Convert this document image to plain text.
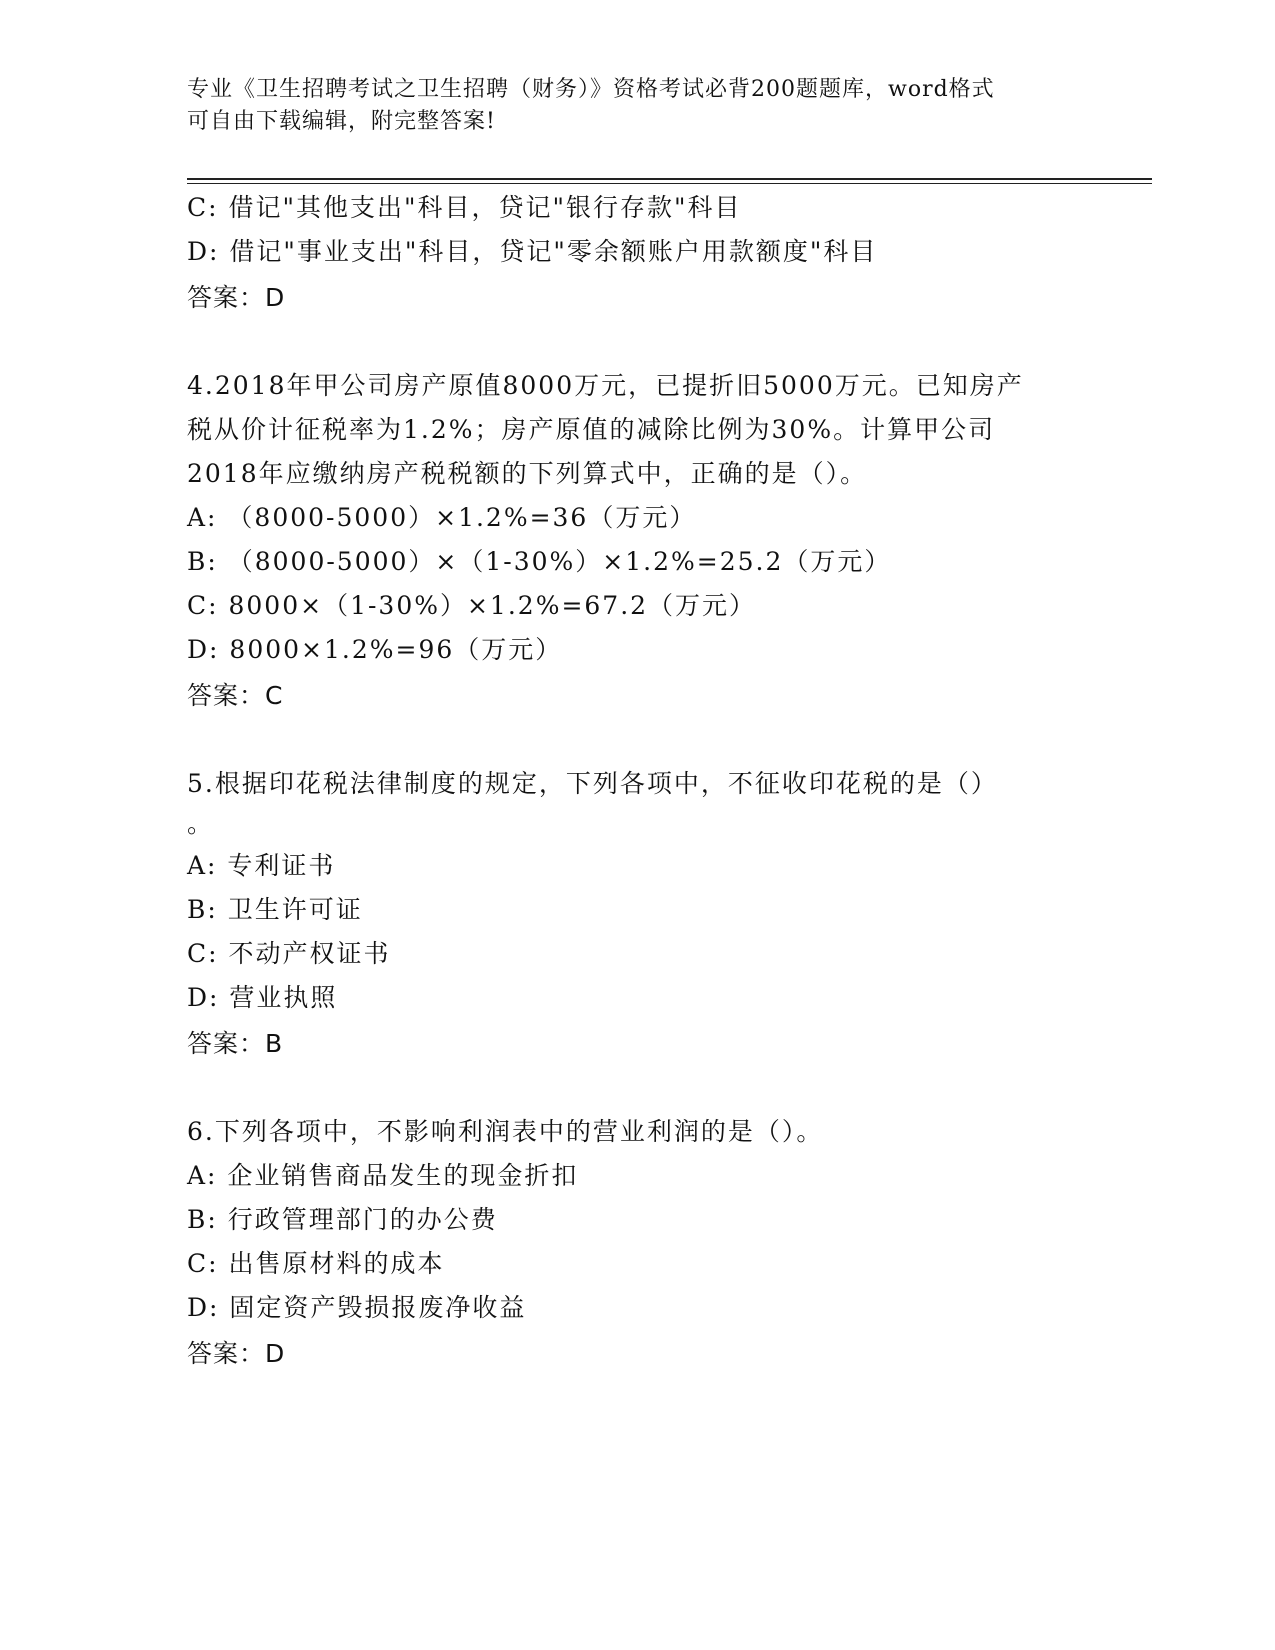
专业《卫生招聘考试之卫生招聘（财务）》资格考试必背200题题库，word格式
可自由下载编辑，附完整答案!
C: 借记"其他支出"科目，贷记"银行存款"科目
D: 借记"事业支出"科目，贷记"零余额账户用款额度"科目
答案：D
4.2018年甲公司房产原值8000万元，已提折旧5000万元。已知房产
税从价计征税率为1.2%；房产原值的减除比例为30%。计算甲公司
2018年应缴纳房产税税额的下列算式中，正确的是（）。
A: （8000-5000）×1.2%=36（万元）
B: （8000-5000）×（1-30%）×1.2%=25.2（万元）
C: 8000×（1-30%）×1.2%=67.2（万元）
D: 8000×1.2%=96（万元）
答案：C
5.根据印花税法律制度的规定，下列各项中，不征收印花税的是（）
。
A: 专利证书
B: 卫生许可证
C: 不动产权证书
D: 营业执照
答案：B
6.下列各项中，不影响利润表中的营业利润的是（）。
A: 企业销售商品发生的现金折扣
B: 行政管理部门的办公费
C: 出售原材料的成本
D: 固定资产毁损报废净收益
答案：D
